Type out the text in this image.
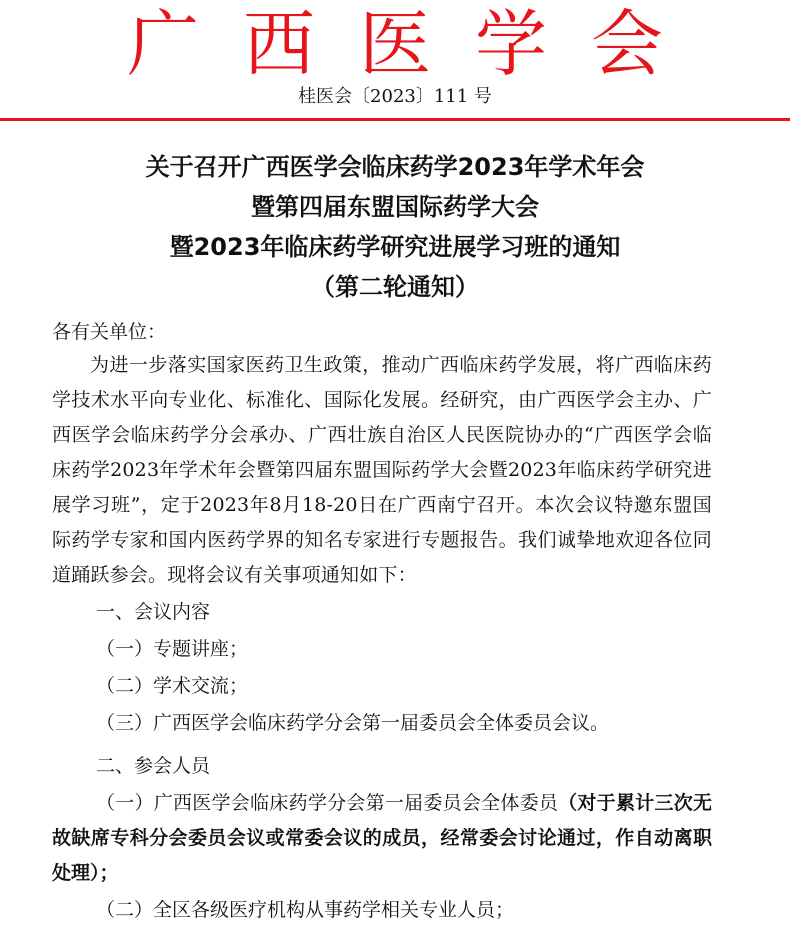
广西医学会
桂医会〔2023〕111 号
关于召开广西医学会临床药学2023年学术年会
暨第四届东盟国际药学大会
暨2023年临床药学研究进展学习班的通知
（第二轮通知）
各有关单位：
为进一步落实国家医药卫生政策，推动广西临床药学发展，将广西临床药学技术水平向专业化、标准化、国际化发展。经研究，由广西医学会主办、广西医学会临床药学分会承办、广西壮族自治区人民医院协办的“广西医学会临床药学2023年学术年会暨第四届东盟国际药学大会暨2023年临床药学研究进展学习班”，定于2023年8月18-20日在广西南宁召开。本次会议特邀东盟国际药学专家和国内医药学界的知名专家进行专题报告。我们诚挚地欢迎各位同道踊跃参会。现将会议有关事项通知如下：
一、会议内容
（一）专题讲座；
（二）学术交流；
（三）广西医学会临床药学分会第一届委员会全体委员会议。
二、参会人员
（一）广西医学会临床药学分会第一届委员会全体委员（对于累计三次无故缺席专科分会委员会议或常委会议的成员，经常委会讨论通过，作自动离职处理）；
（二）全区各级医疗机构从事药学相关专业人员；
